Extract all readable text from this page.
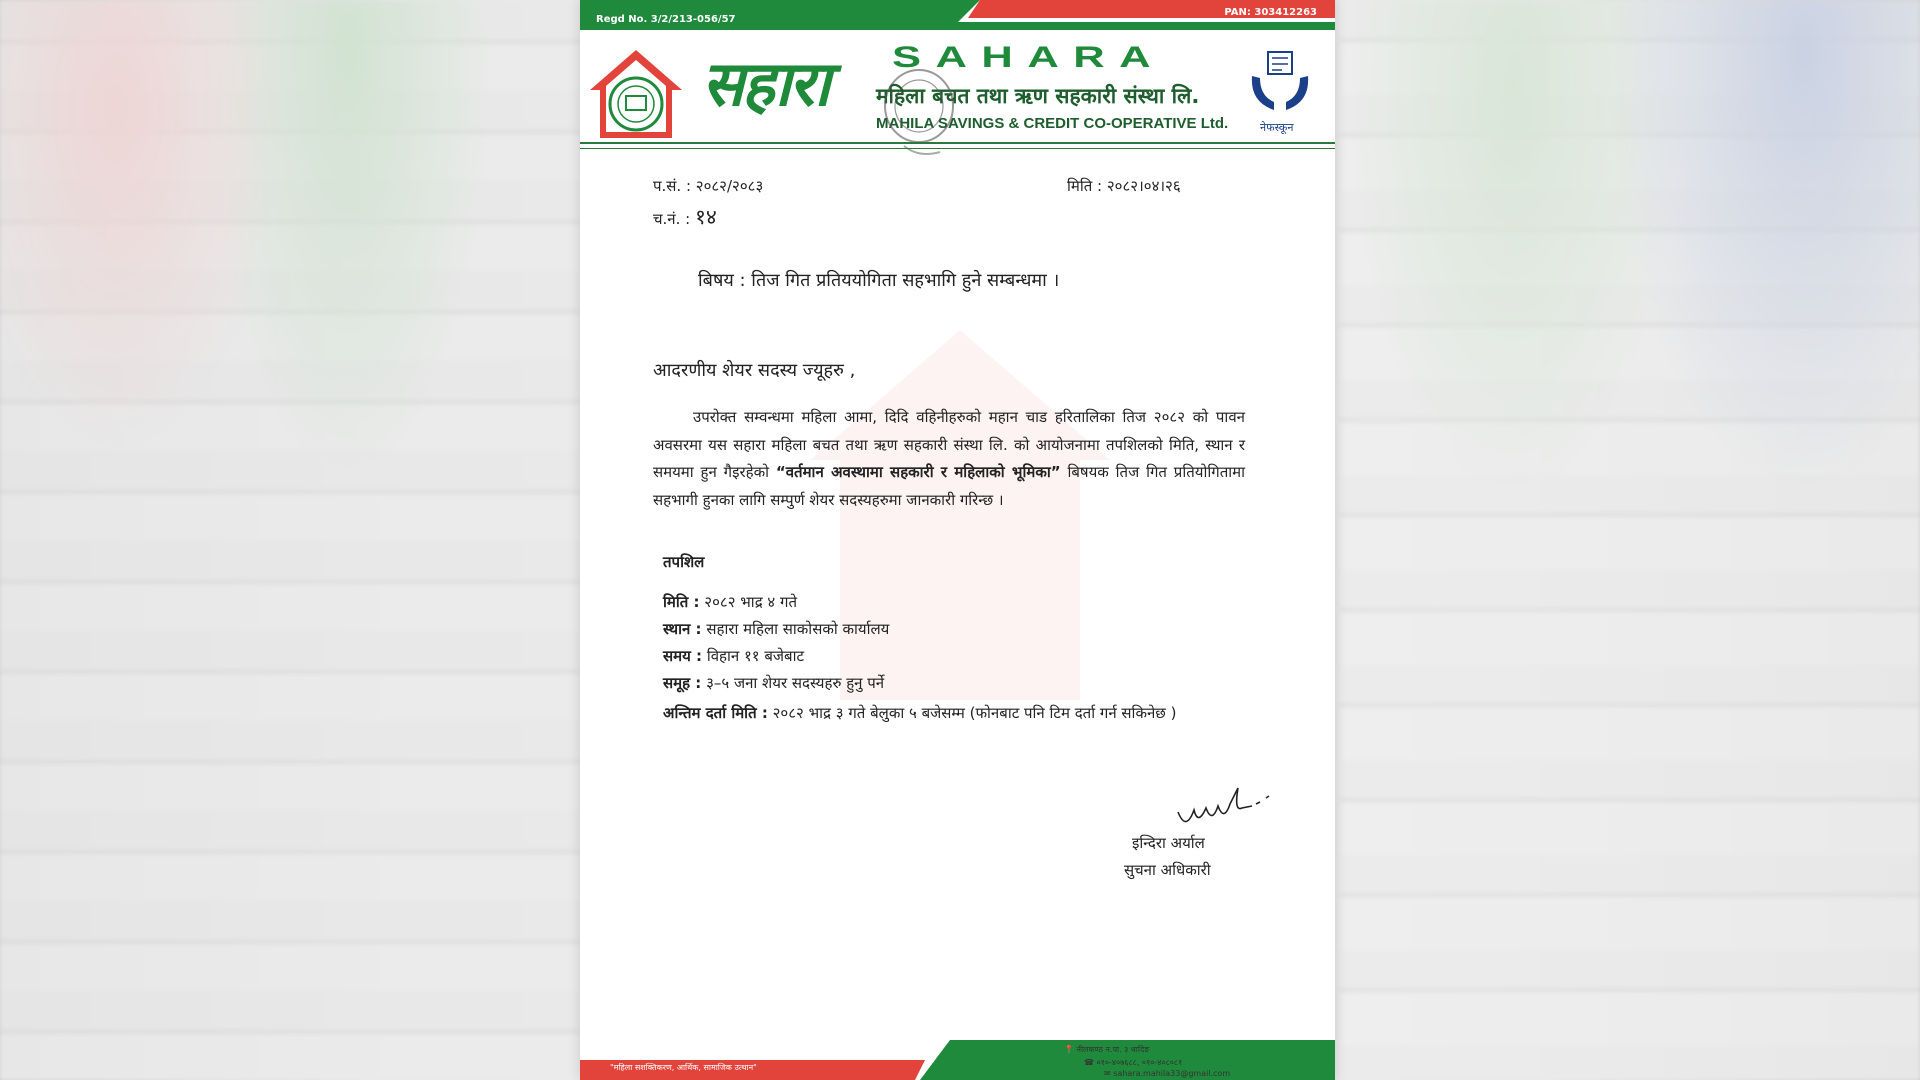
Regd No. 3/2/213-056/57
PAN: 303412263
सहारा SAHARA
महिला बचत तथा ऋण सहकारी संस्था लि.
MAHILA SAVINGS & CREDIT CO-OPERATIVE Ltd.	नेफस्कून
प.सं. : २०८२/२०८३
च.नं. : १४
मिति : २०८२।०४।२६
बिषय : तिज गित प्रतिययोगिता सहभागि हुने सम्बन्धमा ।
आदरणीय शेयर सदस्य ज्यूहरु ,
उपरोक्त सम्वन्धमा महिला आमा, दिदि वहिनीहरुको महान चाड हरितालिका तिज २०८२ को पावन अवसरमा यस सहारा महिला बचत तथा ऋण सहकारी संस्था लि. को आयोजनामा तपशिलको मिति, स्थान र समयमा हुन गैइरहेको “वर्तमान अवस्थामा सहकारी र महिलाको भूमिका” बिषयक तिज गित प्रतियोगितामा सहभागी हुनका लागि सम्पुर्ण शेयर सदस्यहरुमा जानकारी गरिन्छ ।
तपशिल
मिति : २०८२ भाद्र ४ गते
स्थान : सहारा महिला साकोसको कार्यालय
समय : विहान ११ बजेबाट
समूह : ३–५ जना शेयर सदस्यहरु हुनु पर्ने
अन्तिम दर्ता मिति : २०८२ भाद्र ३ गते बेलुका ५ बजेसम्म (फोनबाट पनि टिम दर्ता गर्न सकिनेछ )
इन्दिरा अर्याल
सुचना अधिकारी
"महिला सशक्तिकरण, आर्थिक, सामाजिक उत्थान"
📍 नीलकण्ठ न.पा. ३ धादिङ
☎ ०१०-४०७६८८, ०१०-४०८०८१
✉ sahara.mahila33@gmail.com
